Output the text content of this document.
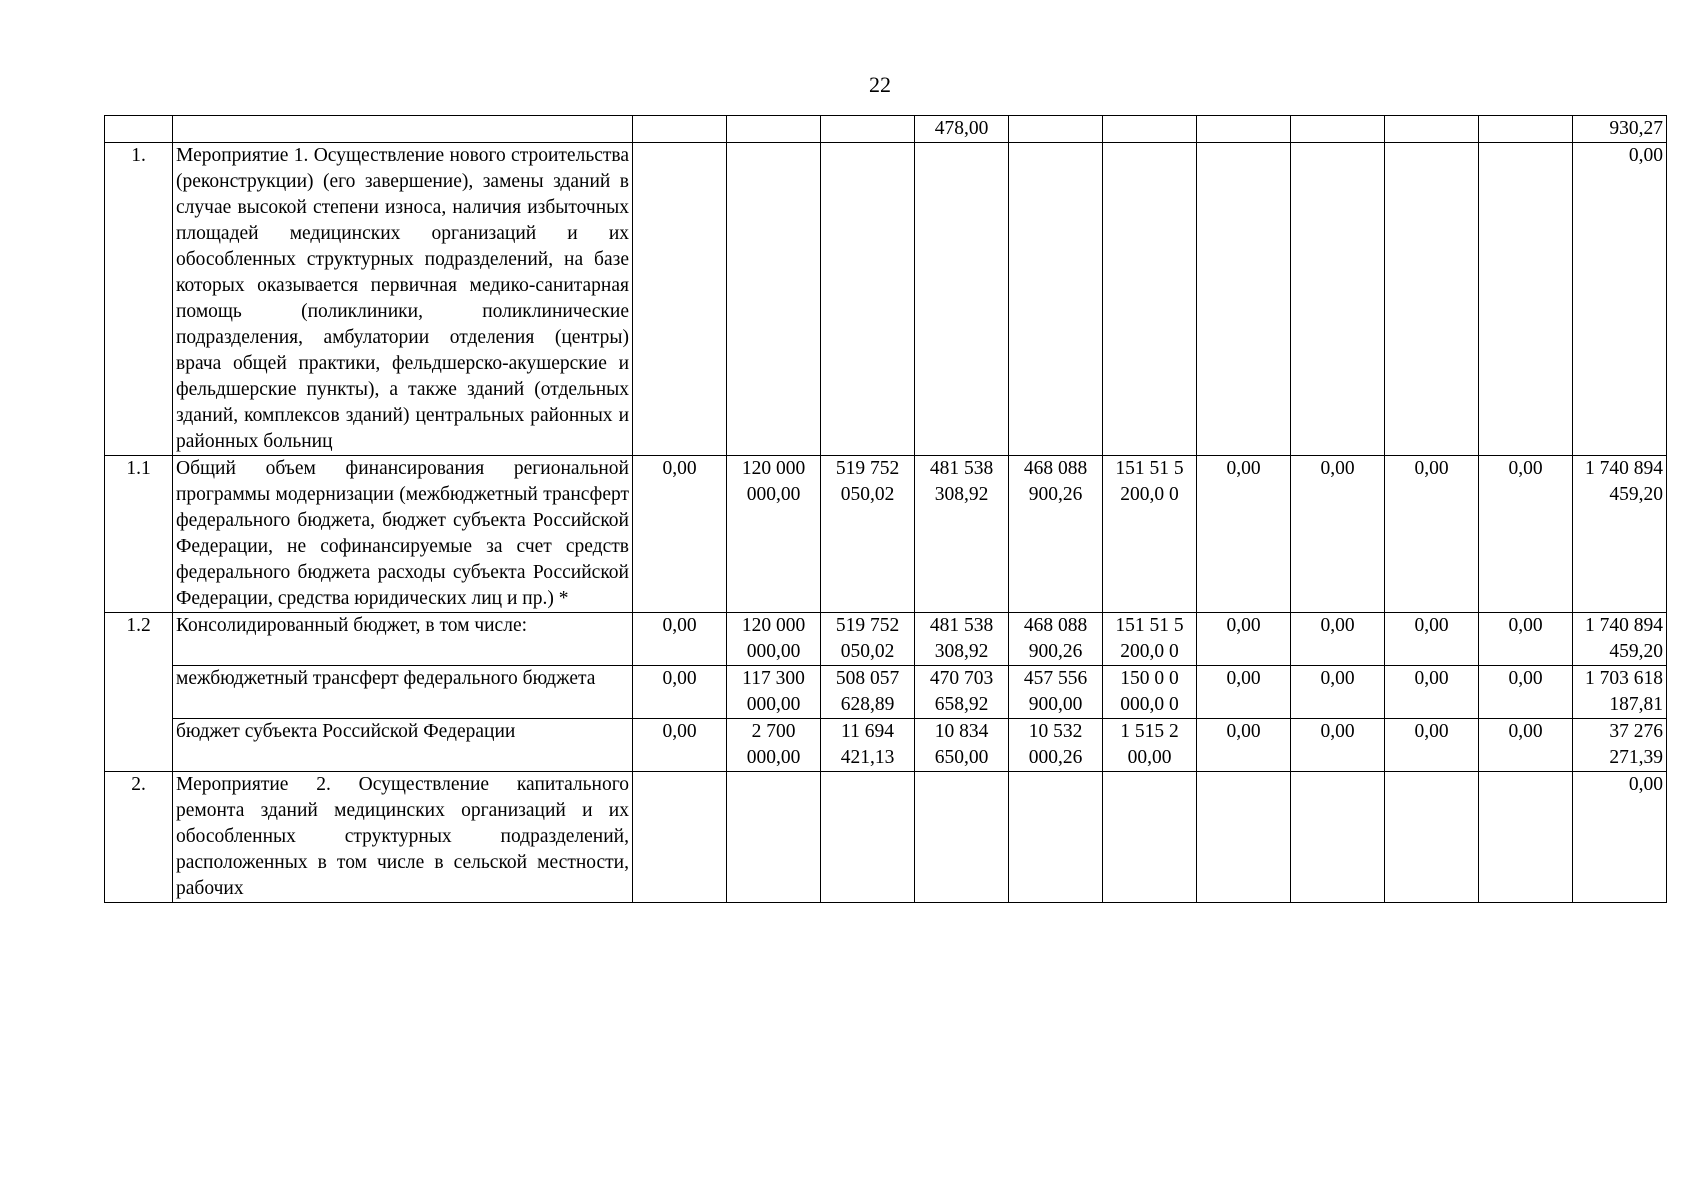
22
					478,00							930,27
1.	Мероприятие 1. Осуществление нового строительства (реконструкции) (его завершение), замены зданий в случае высокой степени износа, наличия избыточных площадей медицинских организаций и их обособленных структурных подразделений, на базе которых оказывается первичная медико-санитарная помощь (поликлиники, поликлинические подразделения, амбулатории отделения (центры) врача общей практики, фельдшерско-акушерские и фельдшерские пункты), а также зданий (отдельных зданий, комплексов зданий) центральных районных и районных больниц											0,00
1.1	Общий объем финансирования региональной программы модернизации (межбюджетный трансферт федерального бюджета, бюджет субъекта Российской Федерации, не софинансируемые за счет средств федерального бюджета расходы субъекта Российской Федерации, средства юридических лиц и пр.) *	0,00	120 000 000,00	519 752 050,02	481 538 308,92	468 088 900,26	151 51 5 200,0 0	0,00	0,00	0,00	0,00	1 740 894 459,20
1.2	Консолидированный бюджет, в том числе:	0,00	120 000 000,00	519 752 050,02	481 538 308,92	468 088 900,26	151 51 5 200,0 0	0,00	0,00	0,00	0,00	1 740 894 459,20
	межбюджетный трансферт федерального бюджета	0,00	117 300 000,00	508 057 628,89	470 703 658,92	457 556 900,00	150 0 0 000,0 0	0,00	0,00	0,00	0,00	1 703 618 187,81
	бюджет субъекта Российской Федерации	0,00	2 700 000,00	11 694 421,13	10 834 650,00	10 532 000,26	1 515 2 00,00	0,00	0,00	0,00	0,00	37 276 271,39
2.	Мероприятие 2. Осуществление капитального ремонта зданий медицинских организаций и их обособленных структурных подразделений, расположенных в том числе в сельской местности, рабочих											0,00
